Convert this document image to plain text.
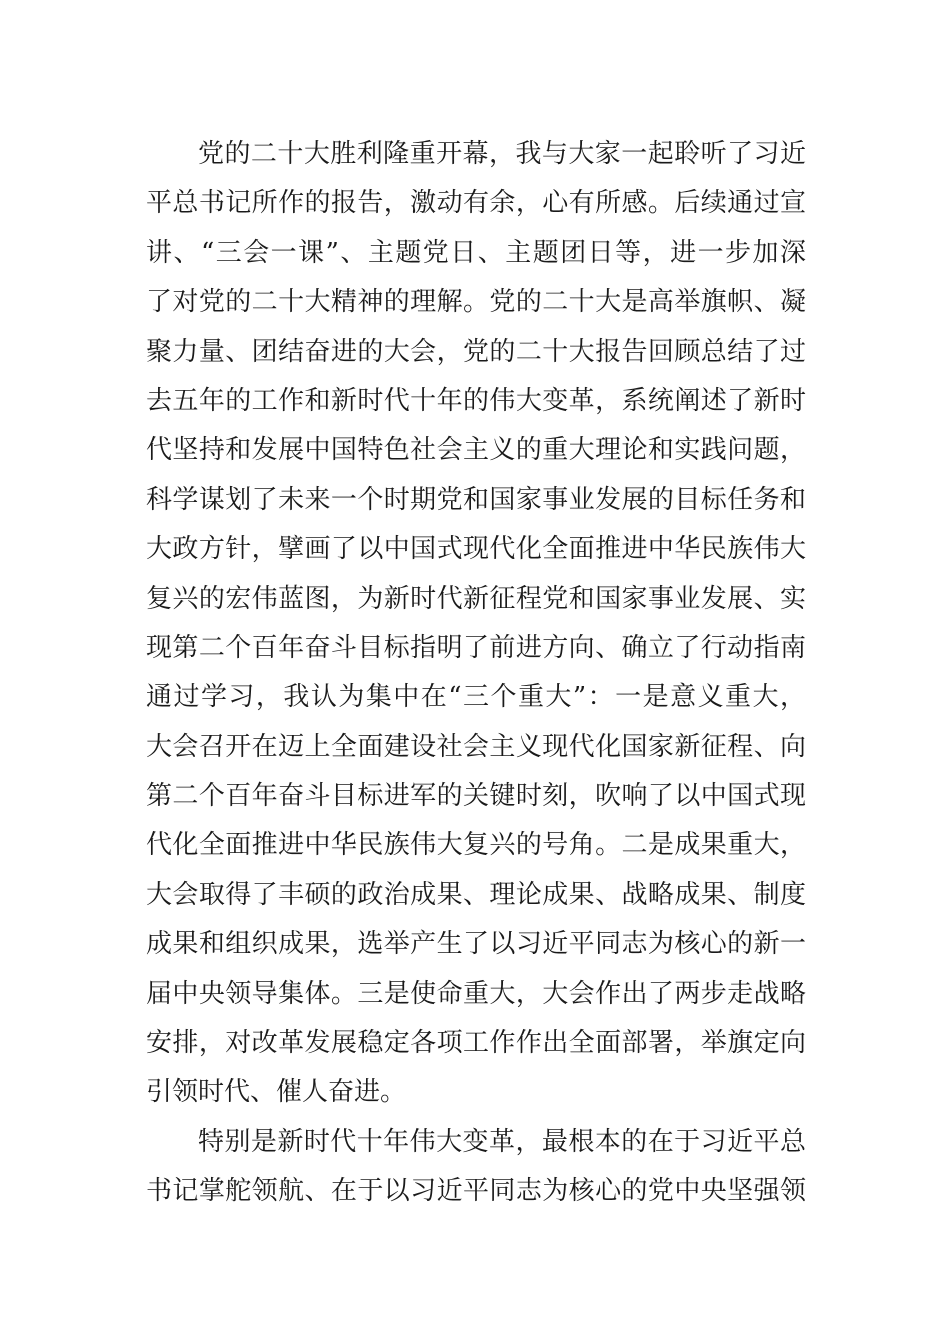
党的二十大胜利隆重开幕，我与大家一起聆听了习近
平总书记所作的报告，激动有余，心有所感。后续通过宣
讲、“三会一课”、主题党日、主题团日等，进一步加深
了对党的二十大精神的理解。党的二十大是高举旗帜、凝
聚力量、团结奋进的大会，党的二十大报告回顾总结了过
去五年的工作和新时代十年的伟大变革，系统阐述了新时
代坚持和发展中国特色社会主义的重大理论和实践问题，
科学谋划了未来一个时期党和国家事业发展的目标任务和
大政方针，擘画了以中国式现代化全面推进中华民族伟大
复兴的宏伟蓝图，为新时代新征程党和国家事业发展、实
现第二个百年奋斗目标指明了前进方向、确立了行动指南
通过学习，我认为集中在“三个重大”：一是意义重大，
大会召开在迈上全面建设社会主义现代化国家新征程、向
第二个百年奋斗目标进军的关键时刻，吹响了以中国式现
代化全面推进中华民族伟大复兴的号角。二是成果重大，
大会取得了丰硕的政治成果、理论成果、战略成果、制度
成果和组织成果，选举产生了以习近平同志为核心的新一
届中央领导集体。三是使命重大，大会作出了两步走战略
安排，对改革发展稳定各项工作作出全面部署，举旗定向
引领时代、催人奋进。
特别是新时代十年伟大变革，最根本的在于习近平总
书记掌舵领航、在于以习近平同志为核心的党中央坚强领
